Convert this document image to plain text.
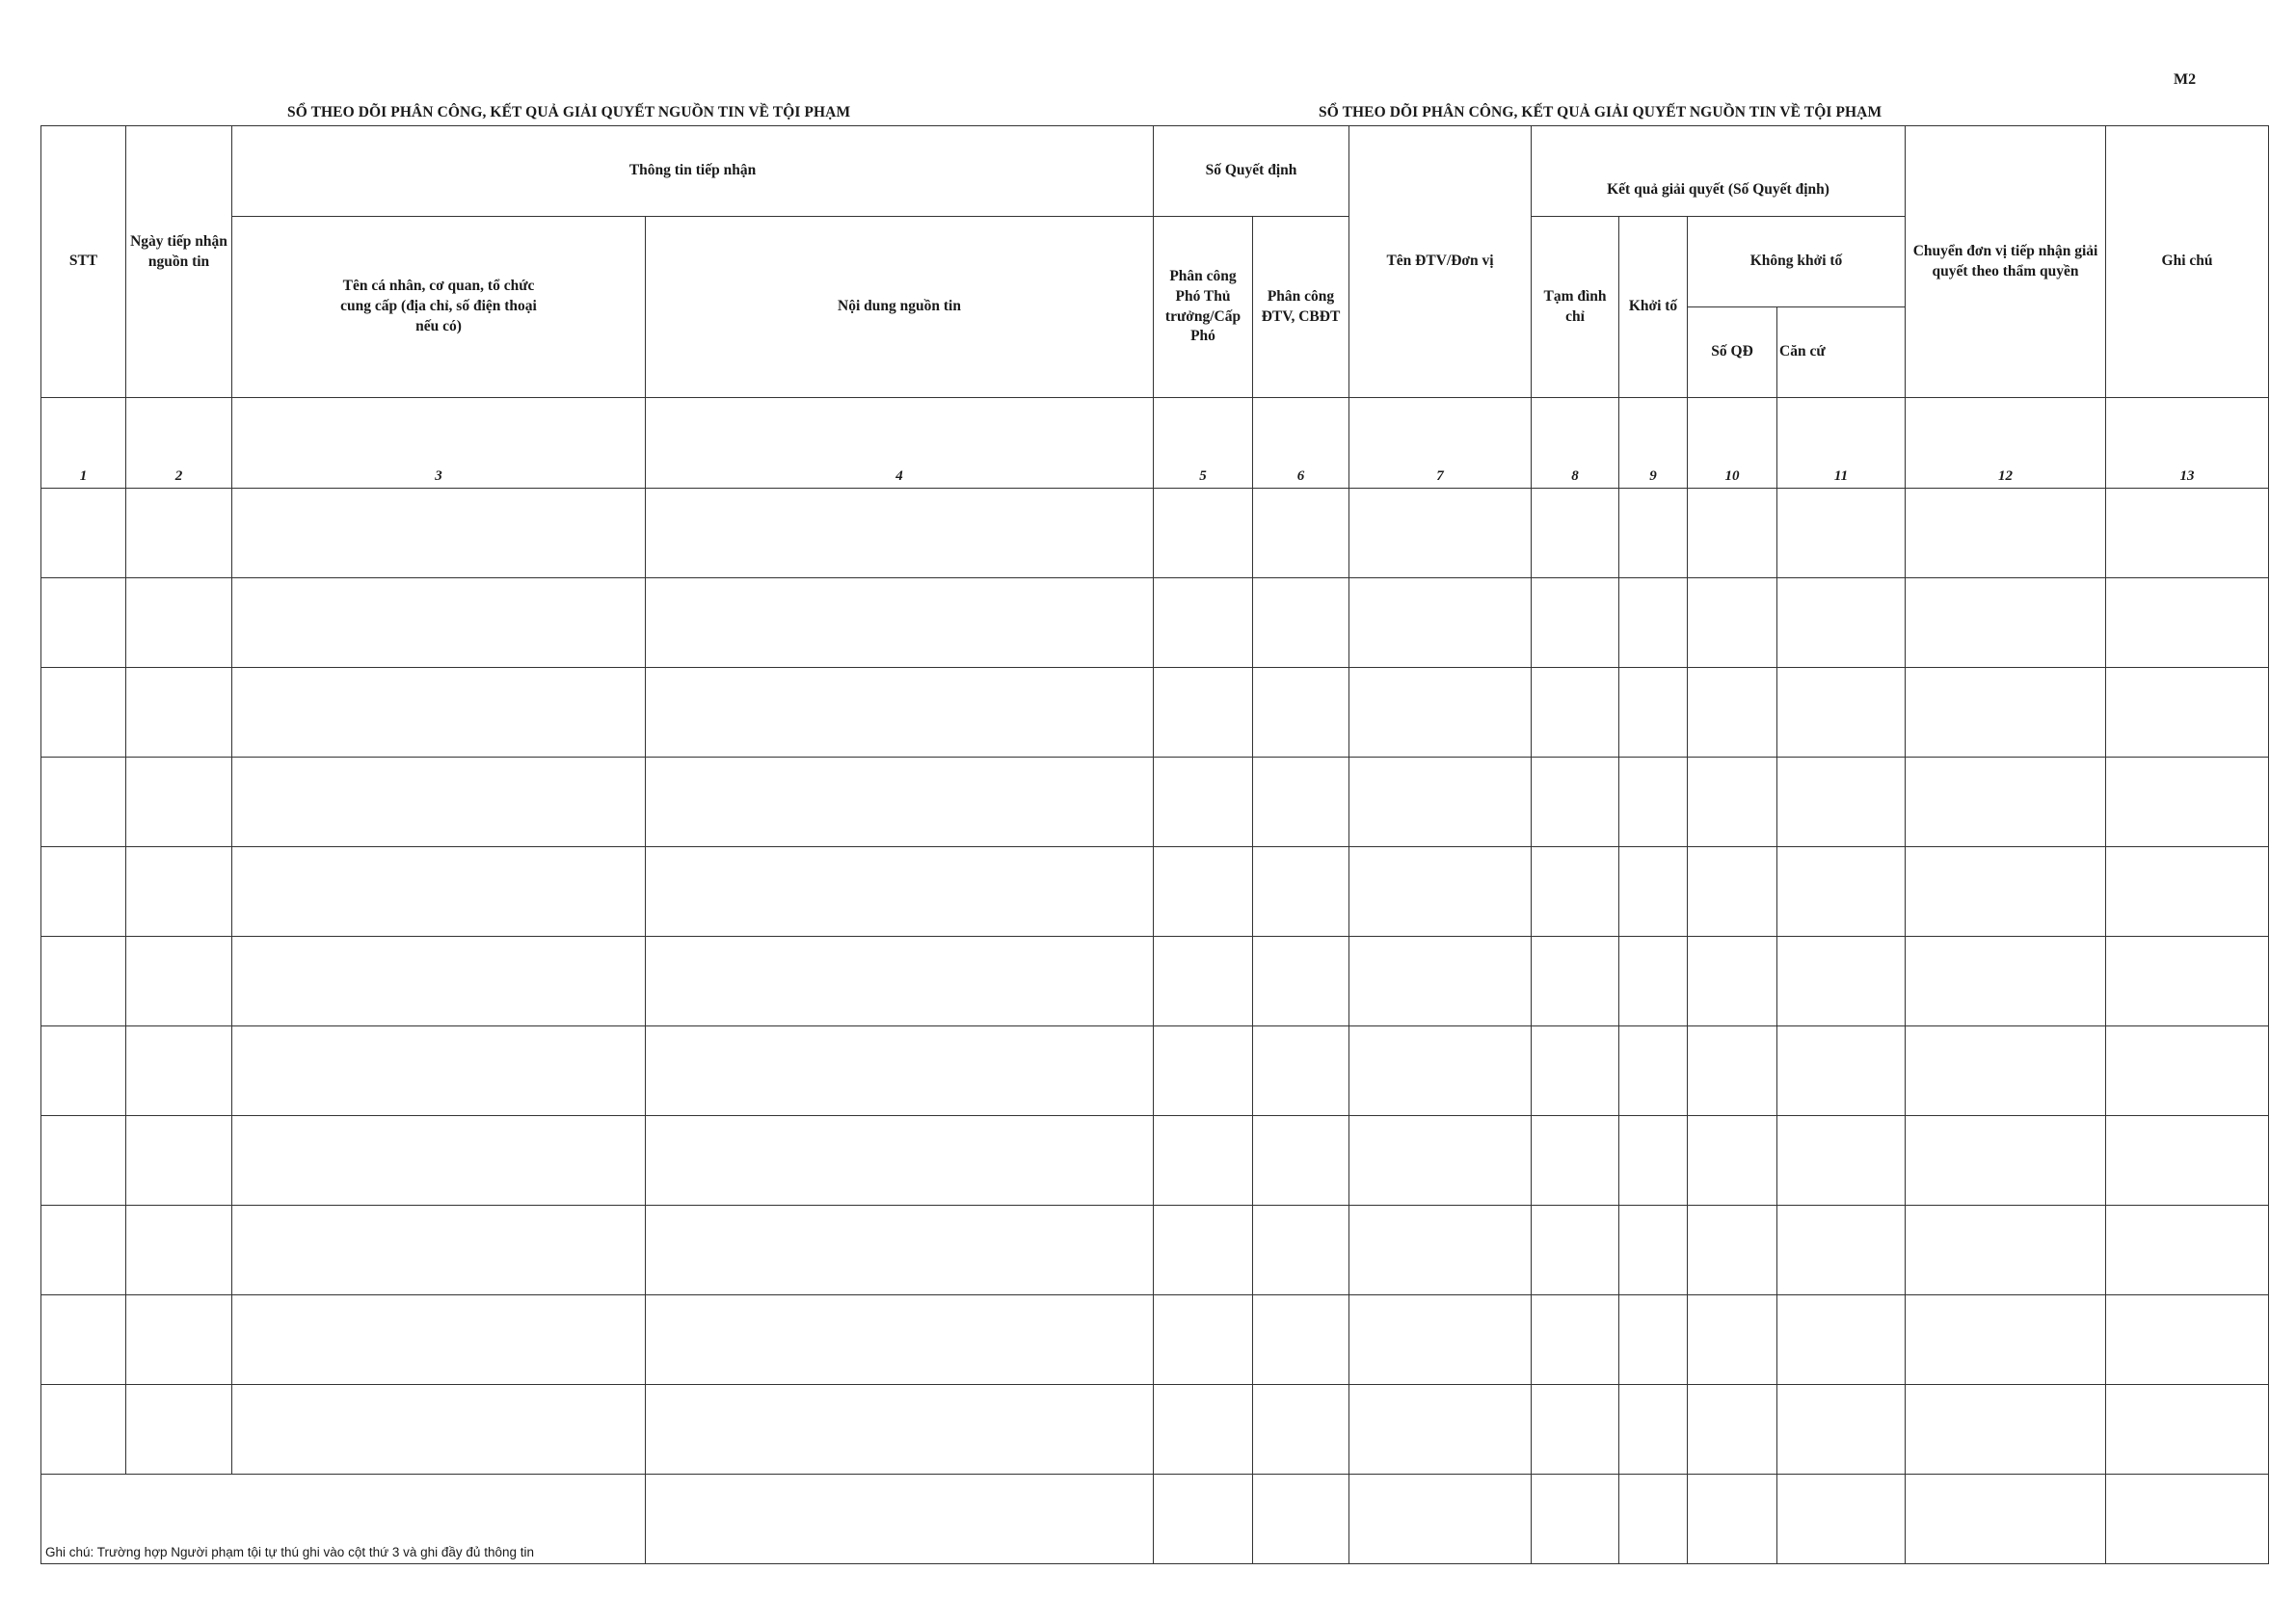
M2
SỔ THEO DÕI PHÂN CÔNG, KẾT QUẢ GIẢI QUYẾT NGUỒN TIN VỀ TỘI PHẠM	SỔ THEO DÕI PHÂN CÔNG, KẾT QUẢ GIẢI QUYẾT NGUỒN TIN VỀ TỘI PHẠM
STT	Ngày tiếp nhận nguồn tin	Thông tin tiếp nhận		Số Quyết định		Tên ĐTV/Đơn vị	Kết quả giải quyết (Số Quyết định)				Chuyển đơn vị tiếp nhận giải quyết theo thẩm quyền	Ghi chú
		Tên cá nhân, cơ quan, tổ chức cung cấp (địa chỉ, số điện thoại nếu có)	Nội dung nguồn tin	Phân công Phó Thủ trưởng/Cấp Phó	Phân công ĐTV, CBĐT		Tạm đình chỉ	Khởi tố	Không khởi tố			
									Số QĐ	Căn cứ		
1	2	3	4	5	6	7	8	9	10	11	12	13

Ghi chú: Trường hợp Người phạm tội tự thú ghi vào cột thứ 3 và ghi đầy đủ thông tin												
